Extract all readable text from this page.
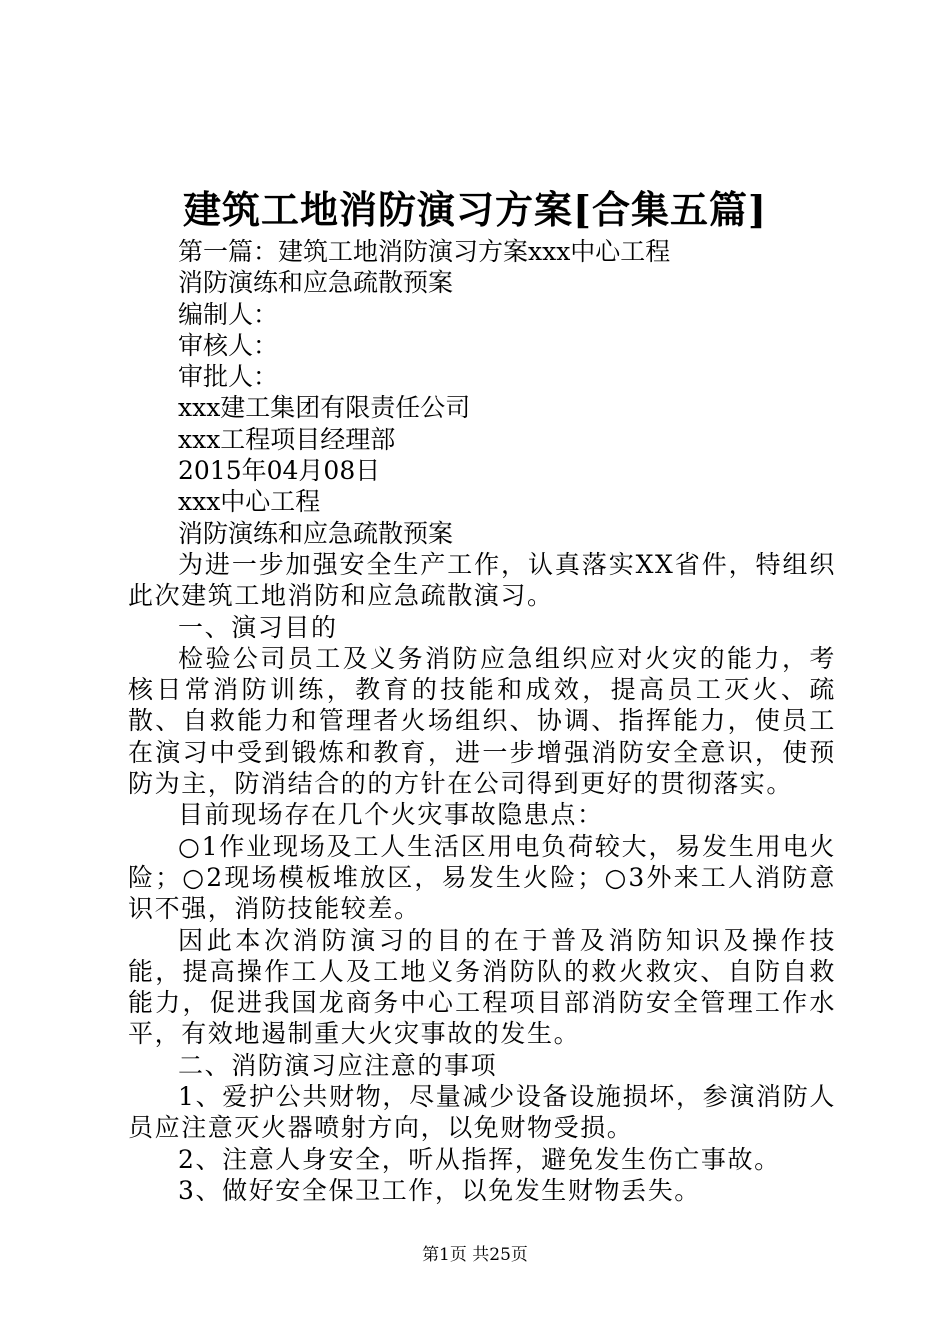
建筑工地消防演习方案[合集五篇]
第一篇：建筑工地消防演习方案xxx中心工程
消防演练和应急疏散预案
编制人：
审核人：
审批人：
xxx建工集团有限责任公司
xxx工程项目经理部
2015年04月08日
xxx中心工程
消防演练和应急疏散预案
为进一步加强安全生产工作，认真落实XX省件，特组织此次建筑工地消防和应急疏散演习。
一、演习目的
检验公司员工及义务消防应急组织应对火灾的能力，考核日常消防训练，教育的技能和成效，提高员工灭火、疏散、自救能力和管理者火场组织、协调、指挥能力，使员工在演习中受到锻炼和教育，进一步增强消防安全意识，使预防为主，防消结合的的方针在公司得到更好的贯彻落实。
目前现场存在几个火灾事故隐患点：
○1作业现场及工人生活区用电负荷较大，易发生用电火险；○2现场模板堆放区，易发生火险；○3外来工人消防意识不强，消防技能较差。
因此本次消防演习的目的在于普及消防知识及操作技能，提高操作工人及工地义务消防队的救火救灾、自防自救能力，促进我国龙商务中心工程项目部消防安全管理工作水平，有效地遏制重大火灾事故的发生。
二、消防演习应注意的事项
1、爱护公共财物，尽量减少设备设施损坏，参演消防人员应注意灭火器喷射方向，以免财物受损。
2、注意人身安全，听从指挥，避免发生伤亡事故。
3、做好安全保卫工作，以免发生财物丢失。
第1页 共25页
